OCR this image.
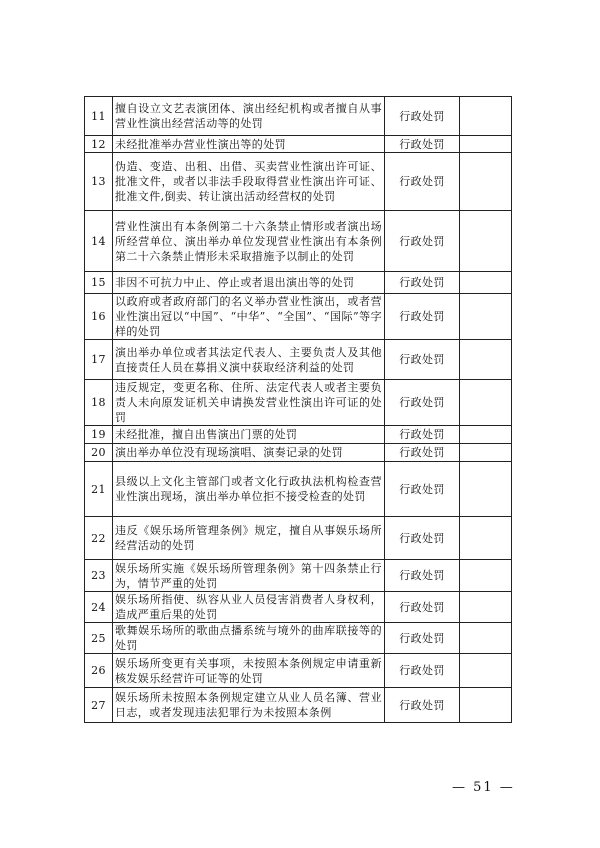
11	擅自设立文艺表演团体、演出经纪机构或者擅自从事营业性演出经营活动等的处罚	行政处罚	
12	未经批准举办营业性演出等的处罚	行政处罚	
13	伪造、变造、出租、出借、买卖营业性演出许可证、批准文件，或者以非法手段取得营业性演出许可证、批准文件,倒卖、转让演出活动经营权的处罚	行政处罚	
14	营业性演出有本条例第二十六条禁止情形或者演出场所经营单位、演出举办单位发现营业性演出有本条例第二十六条禁止情形未采取措施予以制止的处罚	行政处罚	
15	非因不可抗力中止、停止或者退出演出等的处罚	行政处罚	
16	以政府或者政府部门的名义举办营业性演出，或者营业性演出冠以“中国”、“中华”、“全国”、“国际”等字样的处罚	行政处罚	
17	演出举办单位或者其法定代表人、主要负责人及其他直接责任人员在募捐义演中获取经济利益的处罚	行政处罚	
18	违反规定，变更名称、住所、法定代表人或者主要负责人未向原发证机关申请换发营业性演出许可证的处罚	行政处罚	
19	未经批准，擅自出售演出门票的处罚	行政处罚	
20	演出举办单位没有现场演唱、演奏记录的处罚	行政处罚	
21	县级以上文化主管部门或者文化行政执法机构检查营业性演出现场，演出举办单位拒不接受检查的处罚	行政处罚	
22	违反《娱乐场所管理条例》规定，擅自从事娱乐场所经营活动的处罚	行政处罚	
23	娱乐场所实施《娱乐场所管理条例》第十四条禁止行为，情节严重的处罚	行政处罚	
24	娱乐场所指使、纵容从业人员侵害消费者人身权利，造成严重后果的处罚	行政处罚	
25	歌舞娱乐场所的歌曲点播系统与境外的曲库联接等的处罚	行政处罚	
26	娱乐场所变更有关事项，未按照本条例规定申请重新核发娱乐经营许可证等的处罚	行政处罚	
27	娱乐场所未按照本条例规定建立从业人员名簿、营业日志，或者发现违法犯罪行为未按照本条例	行政处罚	
— 51 —
